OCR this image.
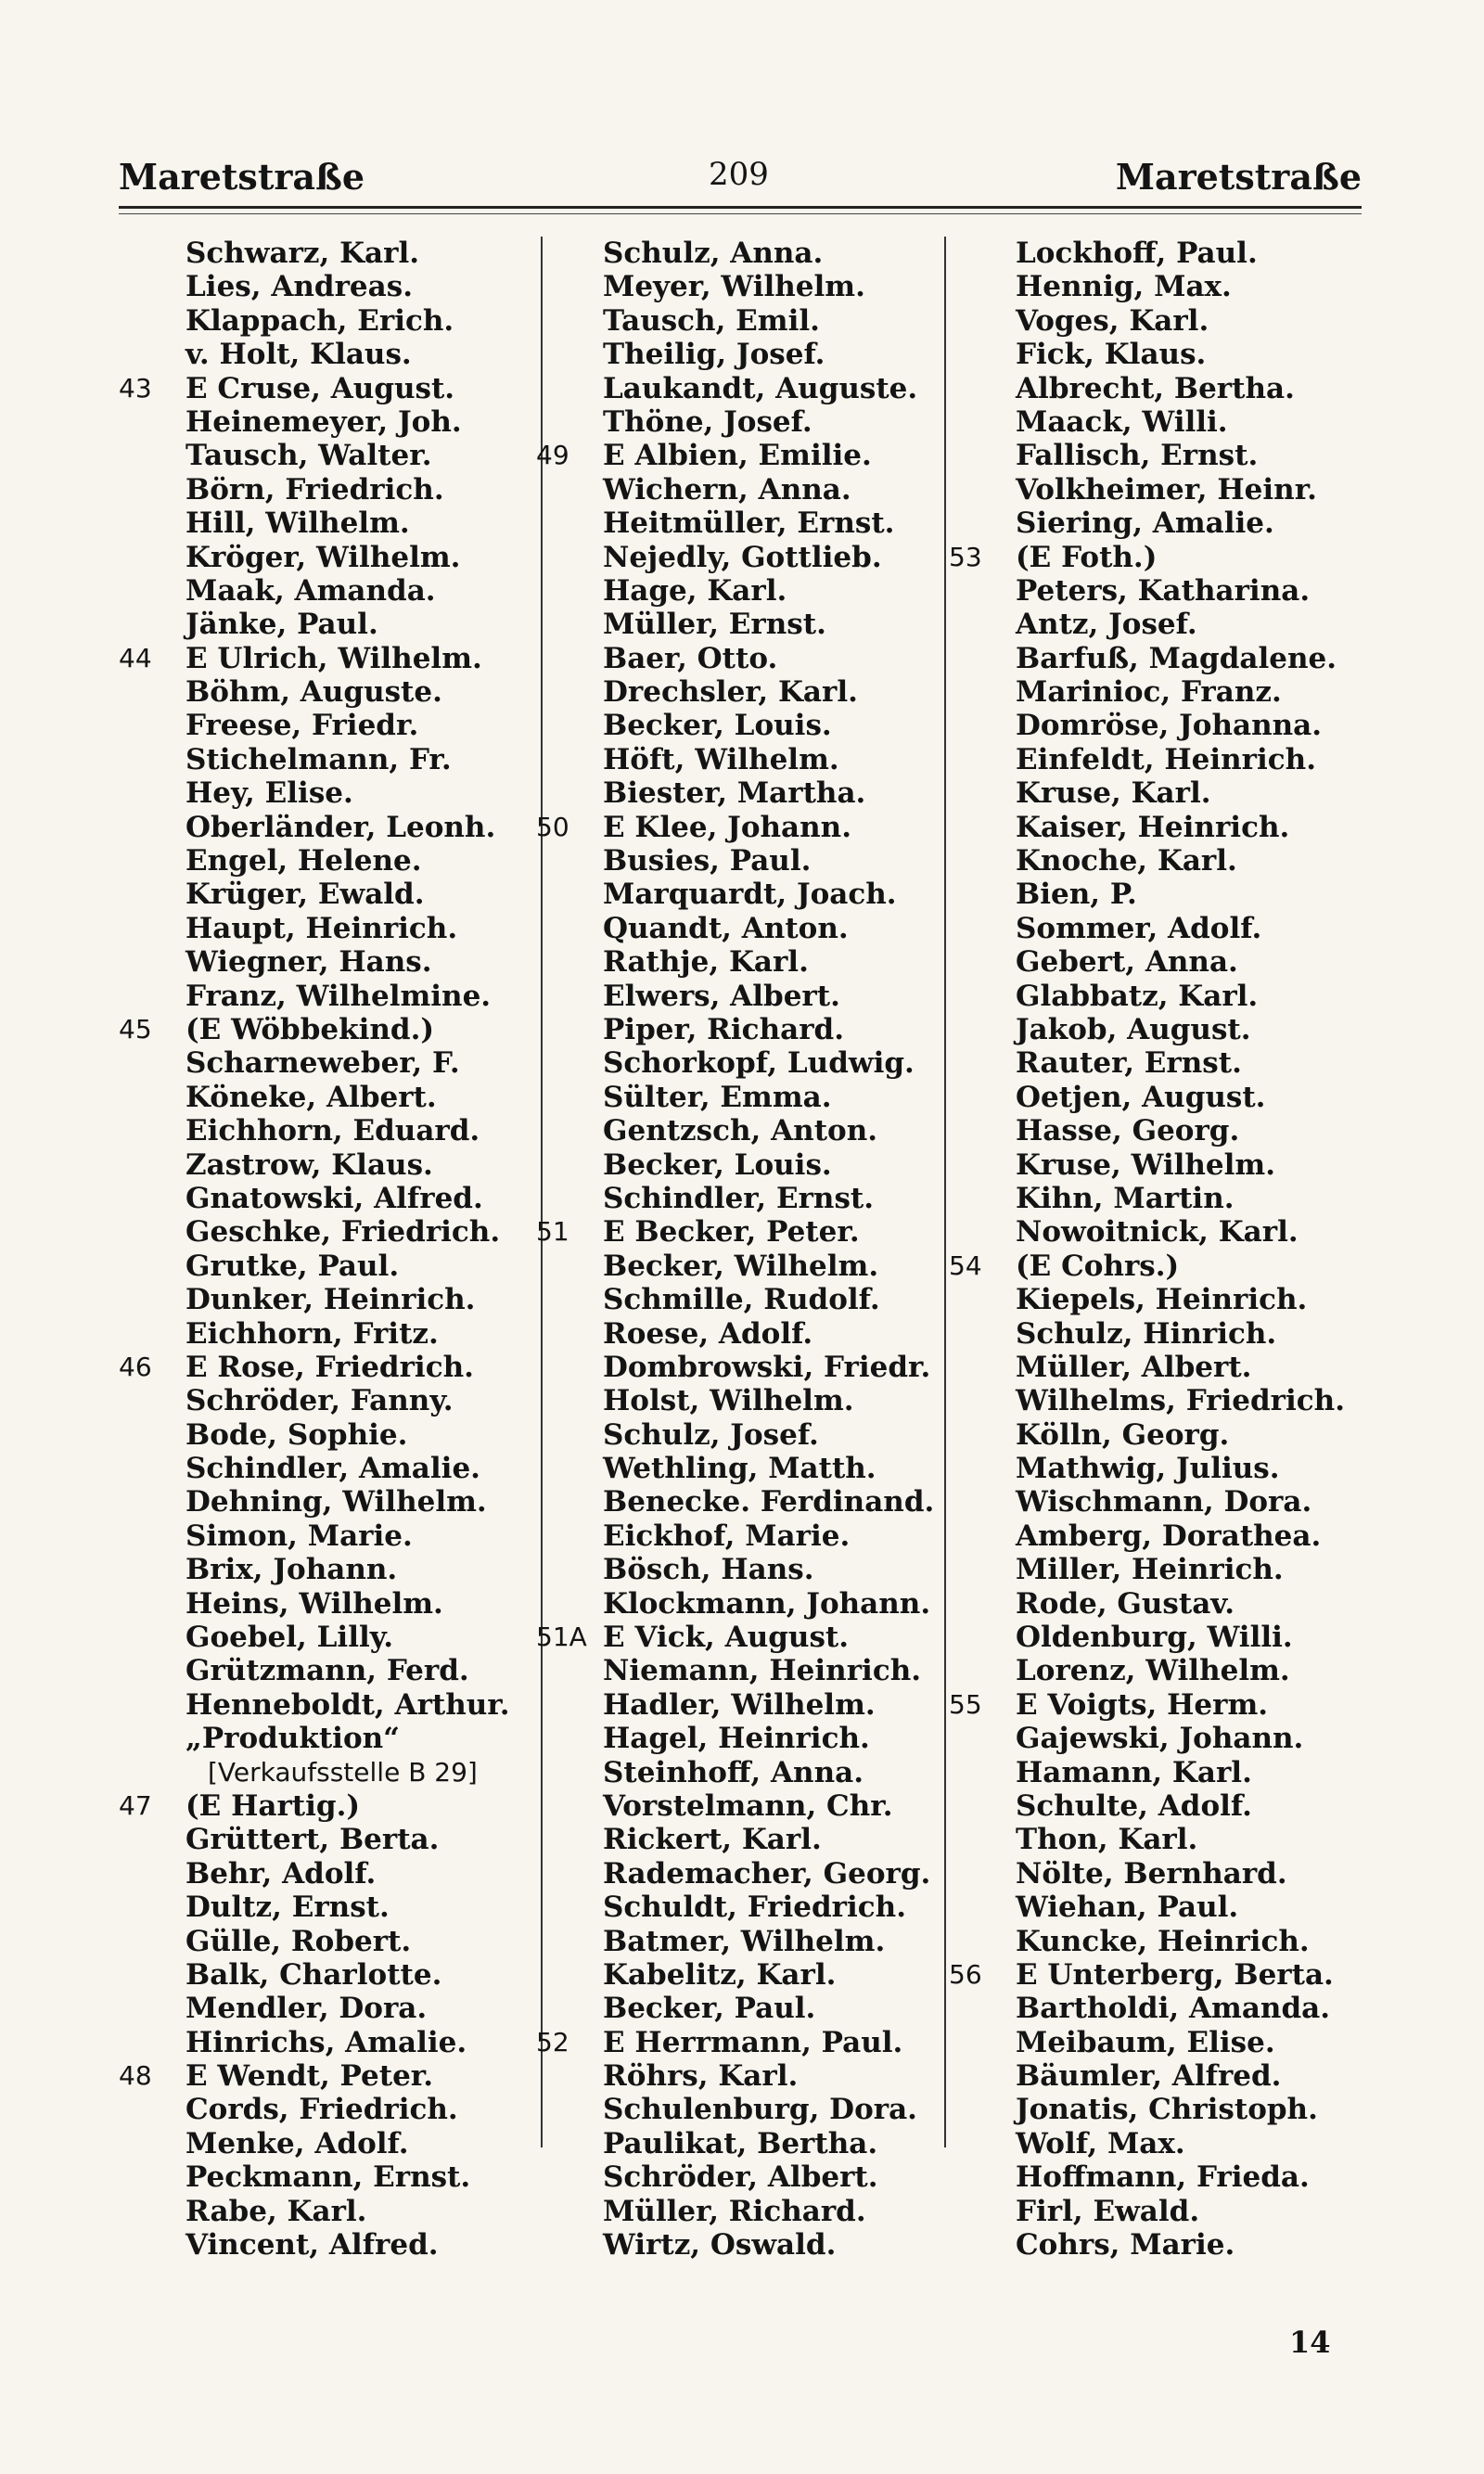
Maretstraße	209	Maretstraße
Schwarz, Karl.
Lies, Andreas.
Klappach, Erich.
v. Holt, Klaus.
43	E Cruse, August.
Heinemeyer, Joh.
Tausch, Walter.
Börn, Friedrich.
Hill, Wilhelm.
Kröger, Wilhelm.
Maak, Amanda.
Jänke, Paul.
44	E Ulrich, Wilhelm.
Böhm, Auguste.
Freese, Friedr.
Stichelmann, Fr.
Hey, Elise.
Oberländer, Leonh.
Engel, Helene.
Krüger, Ewald.
Haupt, Heinrich.
Wiegner, Hans.
Franz, Wilhelmine.
45	(E Wöbbekind.)
Scharneweber, F.
Köneke, Albert.
Eichhorn, Eduard.
Zastrow, Klaus.
Gnatowski, Alfred.
Geschke, Friedrich.
Grutke, Paul.
Dunker, Heinrich.
Eichhorn, Fritz.
46	E Rose, Friedrich.
Schröder, Fanny.
Bode, Sophie.
Schindler, Amalie.
Dehning, Wilhelm.
Simon, Marie.
Brix, Johann.
Heins, Wilhelm.
Goebel, Lilly.
Grützmann, Ferd.
Henneboldt, Arthur.
„Produktion“
[Verkaufsstelle B 29]
47	(E Hartig.)
Grüttert, Berta.
Behr, Adolf.
Dultz, Ernst.
Gülle, Robert.
Balk, Charlotte.
Mendler, Dora.
Hinrichs, Amalie.
48	E Wendt, Peter.
Cords, Friedrich.
Menke, Adolf.
Peckmann, Ernst.
Rabe, Karl.
Vincent, Alfred.
Schulz, Anna.
Meyer, Wilhelm.
Tausch, Emil.
Theilig, Josef.
Laukandt, Auguste.
Thöne, Josef.
49	E Albien, Emilie.
Wichern, Anna.
Heitmüller, Ernst.
Nejedly, Gottlieb.
Hage, Karl.
Müller, Ernst.
Baer, Otto.
Drechsler, Karl.
Becker, Louis.
Höft, Wilhelm.
Biester, Martha.
50	E Klee, Johann.
Busies, Paul.
Marquardt, Joach.
Quandt, Anton.
Rathje, Karl.
Elwers, Albert.
Piper, Richard.
Schorkopf, Ludwig.
Sülter, Emma.
Gentzsch, Anton.
Becker, Louis.
Schindler, Ernst.
51	E Becker, Peter.
Becker, Wilhelm.
Schmille, Rudolf.
Roese, Adolf.
Dombrowski, Friedr.
Holst, Wilhelm.
Schulz, Josef.
Wethling, Matth.
Benecke. Ferdinand.
Eickhof, Marie.
Bösch, Hans.
Klockmann, Johann.
51A E Vick, August.
Niemann, Heinrich.
Hadler, Wilhelm.
Hagel, Heinrich.
Steinhoff, Anna.
Vorstelmann, Chr.
Rickert, Karl.
Rademacher, Georg.
Schuldt, Friedrich.
Batmer, Wilhelm.
Kabelitz, Karl.
Becker, Paul.
52	E Herrmann, Paul.
Röhrs, Karl.
Schulenburg, Dora.
Paulikat, Bertha.
Schröder, Albert.
Müller, Richard.
Wirtz, Oswald.
Lockhoff, Paul.
Hennig, Max.
Voges, Karl.
Fick, Klaus.
Albrecht, Bertha.
Maack, Willi.
Fallisch, Ernst.
Volkheimer, Heinr.
Siering, Amalie.
53	(E Foth.)
Peters, Katharina.
Antz, Josef.
Barfuß, Magdalene.
Marinioc, Franz.
Domröse, Johanna.
Einfeldt, Heinrich.
Kruse, Karl.
Kaiser, Heinrich.
Knoche, Karl.
Bien, P.
Sommer, Adolf.
Gebert, Anna.
Glabbatz, Karl.
Jakob, August.
Rauter, Ernst.
Oetjen, August.
Hasse, Georg.
Kruse, Wilhelm.
Kihn, Martin.
Nowoitnick, Karl.
54	(E Cohrs.)
Kiepels, Heinrich.
Schulz, Hinrich.
Müller, Albert.
Wilhelms, Friedrich.
Kölln, Georg.
Mathwig, Julius.
Wischmann, Dora.
Amberg, Dorathea.
Miller, Heinrich.
Rode, Gustav.
Oldenburg, Willi.
Lorenz, Wilhelm.
55	E Voigts, Herm.
Gajewski, Johann.
Hamann, Karl.
Schulte, Adolf.
Thon, Karl.
Nölte, Bernhard.
Wiehan, Paul.
Kuncke, Heinrich.
56	E Unterberg, Berta.
Bartholdi, Amanda.
Meibaum, Elise.
Bäumler, Alfred.
Jonatis, Christoph.
Wolf, Max.
Hoffmann, Frieda.
Firl, Ewald.
Cohrs, Marie.
14
